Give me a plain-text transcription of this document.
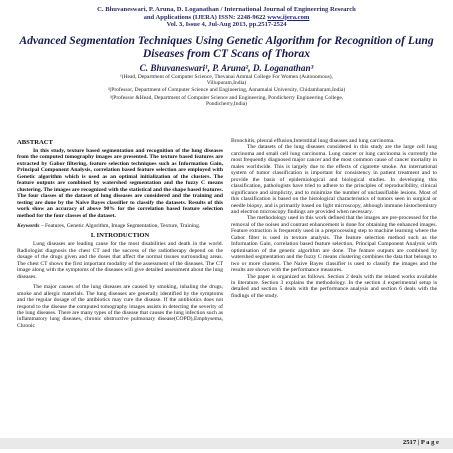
C. Bhuvaneswari, P. Aruna, D. Loganathan / International Journal of Engineering Research
and Applications (IJERA) ISSN: 2248-9622 www.ijera.com
Vol. 3, Issue 4, Jul-Aug 2013, pp.2517-2524
Advanced Segmentation Techniques Using Genetic Algorithm for Recognition of Lung Diseases from CT Scans of Thorax
C. Bhuvaneswari¹, P. Aruna², D. Loganathan³
¹(Head, Department of Computer Science, Thevanai Ammal College For Women (Autonomous),
Villupuram,India)
²(Professor, Department of Computer Science and Engineering, Annamalai University, Chidambaram,India)
³(Professor &Head, Department of Computer Science and Engineering, Pondicherry Engineering College,
Pondicherry,India)
ABSTRACT

In this study, texture based segmentation and recognition of the lung diseases from the computed tomography images are presented. The texture based features are extracted by Gabor filtering, feature selection techniques such as Information Gain, Principal Component Analysis, correlation based feature selection are employed with Genetic algorithm which is used as an optimal initialization of the clusters. The feature outputs are combined by watershed segmentation and the fuzzy C means clustering. The images are recognized with the statistical and the shape based features. The four classes of the dataset of lung diseases are considered and the training and testing are done by the Naive Bayes classifier to classify the datasets. Results of this work show an accuracy of above 90% for the correlation based feature selection method for the four classes of the dataset.

Keywords – Features, Genetic Algorithm, Image Segmentation, Texture, Training.

I. INTRODUCTION

Lung diseases are leading cause for the most disabilities and death in the world. Radiologist diagnosis the chest CT and the success of the radiotherapy depend on the dosage of the drugs given and the doses that affect the normal tissues surrounding areas. The chest CT shows the first important modality of the assessment of the diseases. The CT image along with the symptoms of the diseases will give detailed assessment about the lung diseases.

The major causes of the lung diseases are caused by smoking, inhaling the drugs, smoke and allergic materials. The lung diseases are generally identified by the symptoms and the regular dosage of the antibiotics may cure the disease. If the antibiotics does not respond to the disease the computed tomography images assists in detecting the severity of the lung diseases. There are many types of the disease that causes the lung infection such as inflammatory lung diseases, chronic obstructive pulmonary disease(COPD),Emphysema, Chronic

Bronchitis, pleural effusion,Interstitial lung diseases and lung carcinoma.

The datasets of the lung diseases considered in this study are the large cell lung carcinoma and small cell lung carcinoma. Lung cancer or lung carcinoma is currently the most frequently diagnosed major cancer and the most common cause of cancer mortality in males worldwide. This is largely due to the effects of cigarette smoke. An international system of tumor classification is important for consistency in patient treatment and to provide the basis of epidemiological and biological studies. In developing this classification, pathologists have tried to adhere to the principles of reproducibility, clinical significance and simplicity, and to minimize the number of unclassifiable lesions. Most of this classification is based on the histological characteristics of tumors seen in surgical or needle biopsy, and is primarily based on light microscopy, although immune histochemistry and electron microscopy findings are provided when necessary.

The methodology used in this work defined that the images are pre-processed for the removal of the noises and contrast enhancement is done for obtaining the enhanced images. Feature extraction is frequently used in a preprocessing step to machine learning where the Gabor filter is used in texture analysis. The feature selection method such as the Information Gain, correlation based feature selection, Principal Component Analysis with optimisation of the genetic algorithm are done. The feature outputs are combined by watershed segmentation and the fuzzy C means clustering combines the data that belongs to two or more clusters. The Naive Bayes classifier is used to classify the images and the results are shown with the performance measures.

The paper is organized as follows. Section 2 deals with the related works available in literature. Section 3 explains the methodology. In the section 4 experimental setup is detailed and section 5 deals with the performance analysis and section 6 deals with the findings of the study.

2517 | P a g e
